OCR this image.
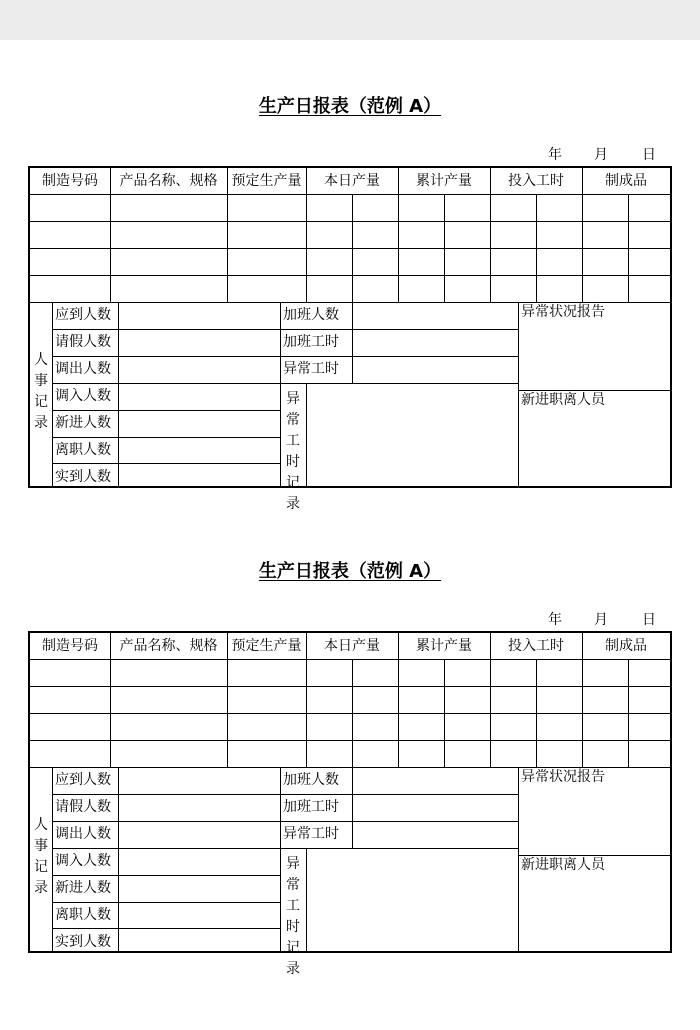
生产日报表（范例 A）
年 月 日
制造号码	产品名称、规格	预定生产量	本日产量	累计产量	投入工时	制成品
人
事
记
录
应到人数
请假人数
调出人数
调入人数
新进人数
离职人数
实到人数
加班人数
加班工时
异常工时
异
常
工
时
记
录
异常状况报告
新进职离人员
生产日报表（范例 A）
年 月 日
制造号码	产品名称、规格	预定生产量	本日产量	累计产量	投入工时	制成品
人
事
记
录
应到人数
请假人数
调出人数
调入人数
新进人数
离职人数
实到人数
加班人数
加班工时
异常工时
异
常
工
时
记
录
异常状况报告
新进职离人员
